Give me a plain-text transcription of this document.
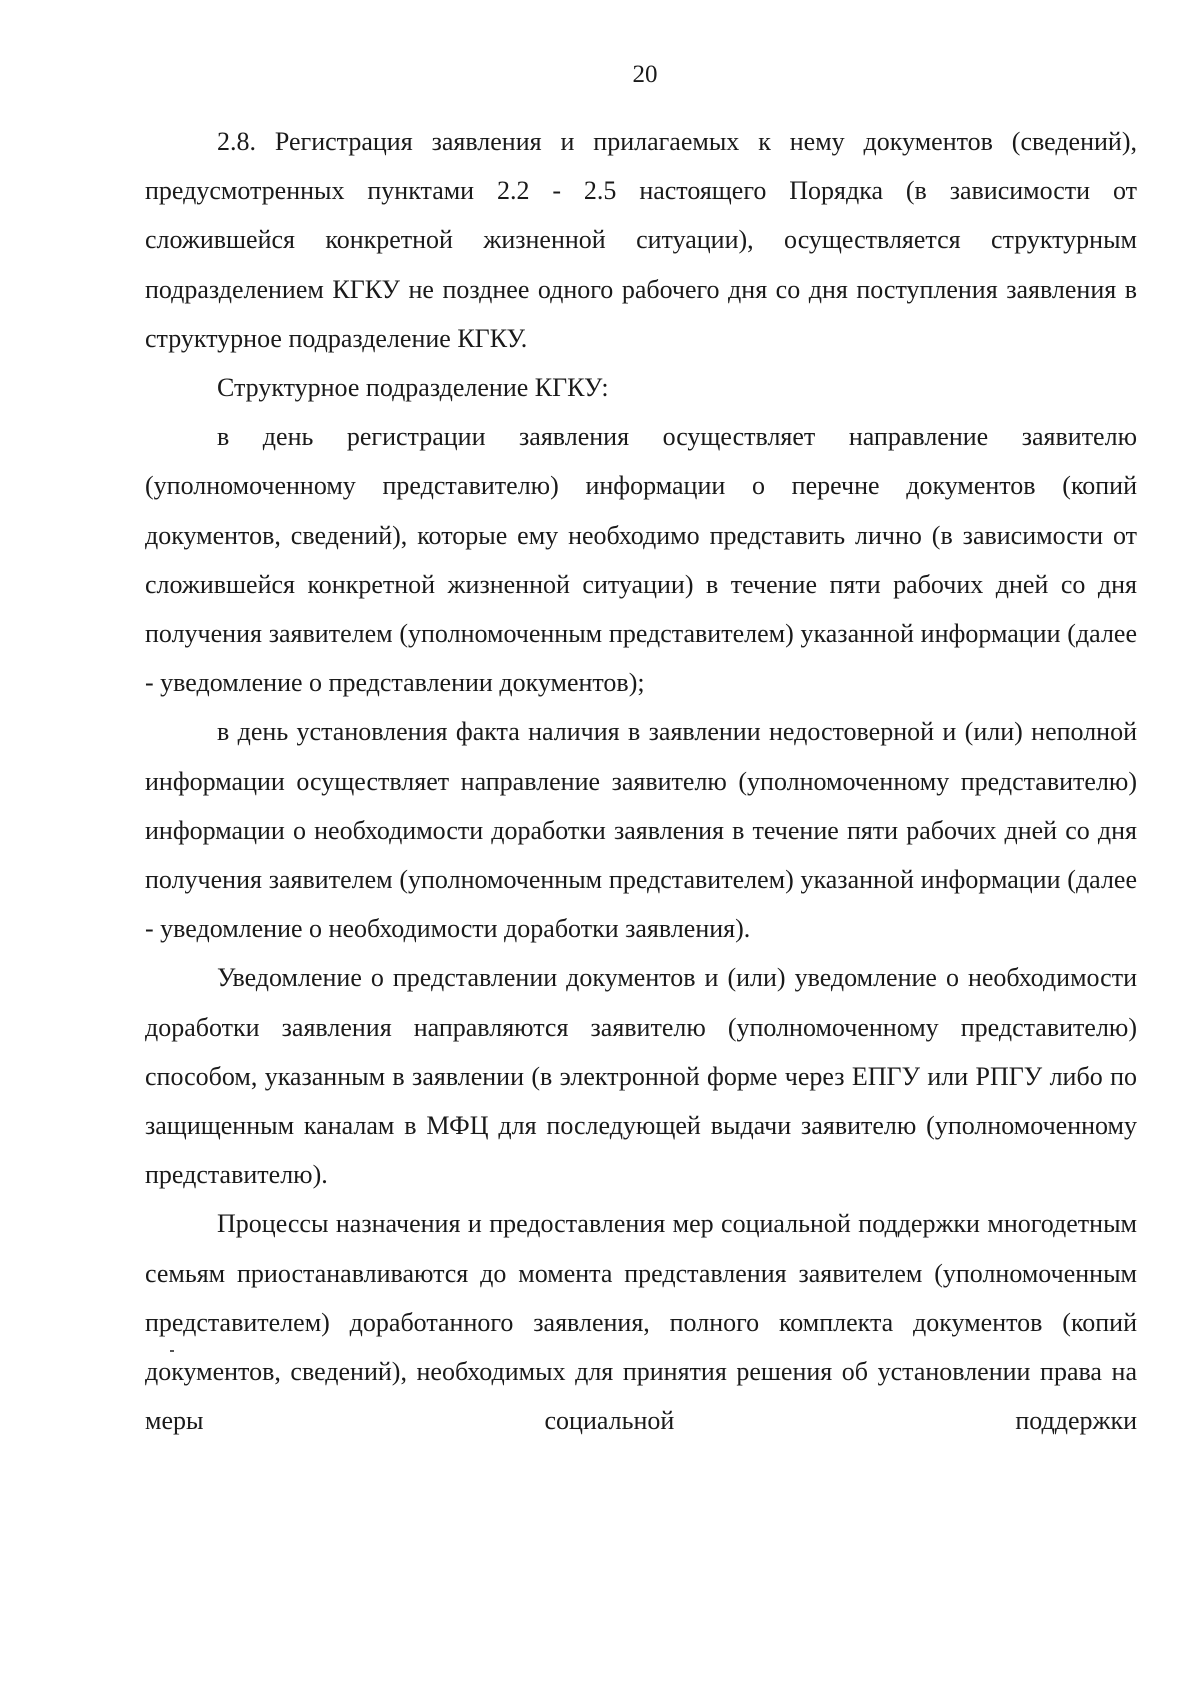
20

2.8. Регистрация заявления и прилагаемых к нему документов (сведений), предусмотренных пунктами 2.2 - 2.5 настоящего Порядка (в зависимости от сложившейся конкретной жизненной ситуации), осуществляется структурным подразделением КГКУ не позднее одного рабочего дня со дня поступления заявления в структурное подразделение КГКУ.

Структурное подразделение КГКУ:

в день регистрации заявления осуществляет направление заявителю (уполномоченному представителю) информации о перечне документов (копий документов, сведений), которые ему необходимо представить лично (в зависимости от сложившейся конкретной жизненной ситуации) в течение пяти рабочих дней со дня получения заявителем (уполномоченным представителем) указанной информации (далее - уведомление о представлении документов);

в день установления факта наличия в заявлении недостоверной и (или) неполной информации осуществляет направление заявителю (уполномоченному представителю) информации о необходимости доработки заявления в течение пяти рабочих дней со дня получения заявителем (уполномоченным представителем) указанной информации (далее - уведомление о необходимости доработки заявления).

Уведомление о представлении документов и (или) уведомление о необходимости доработки заявления направляются заявителю (уполномоченному представителю) способом, указанным в заявлении (в электронной форме через ЕПГУ или РПГУ либо по защищенным каналам в МФЦ для последующей выдачи заявителю (уполномоченному представителю).

Процессы назначения и предоставления мер социальной поддержки многодетным семьям приостанавливаются до момента представления заявителем (уполномоченным представителем) доработанного заявления, полного комплекта документов (копий документов, сведений), необходимых для принятия решения об установлении права на меры социальной поддержки
